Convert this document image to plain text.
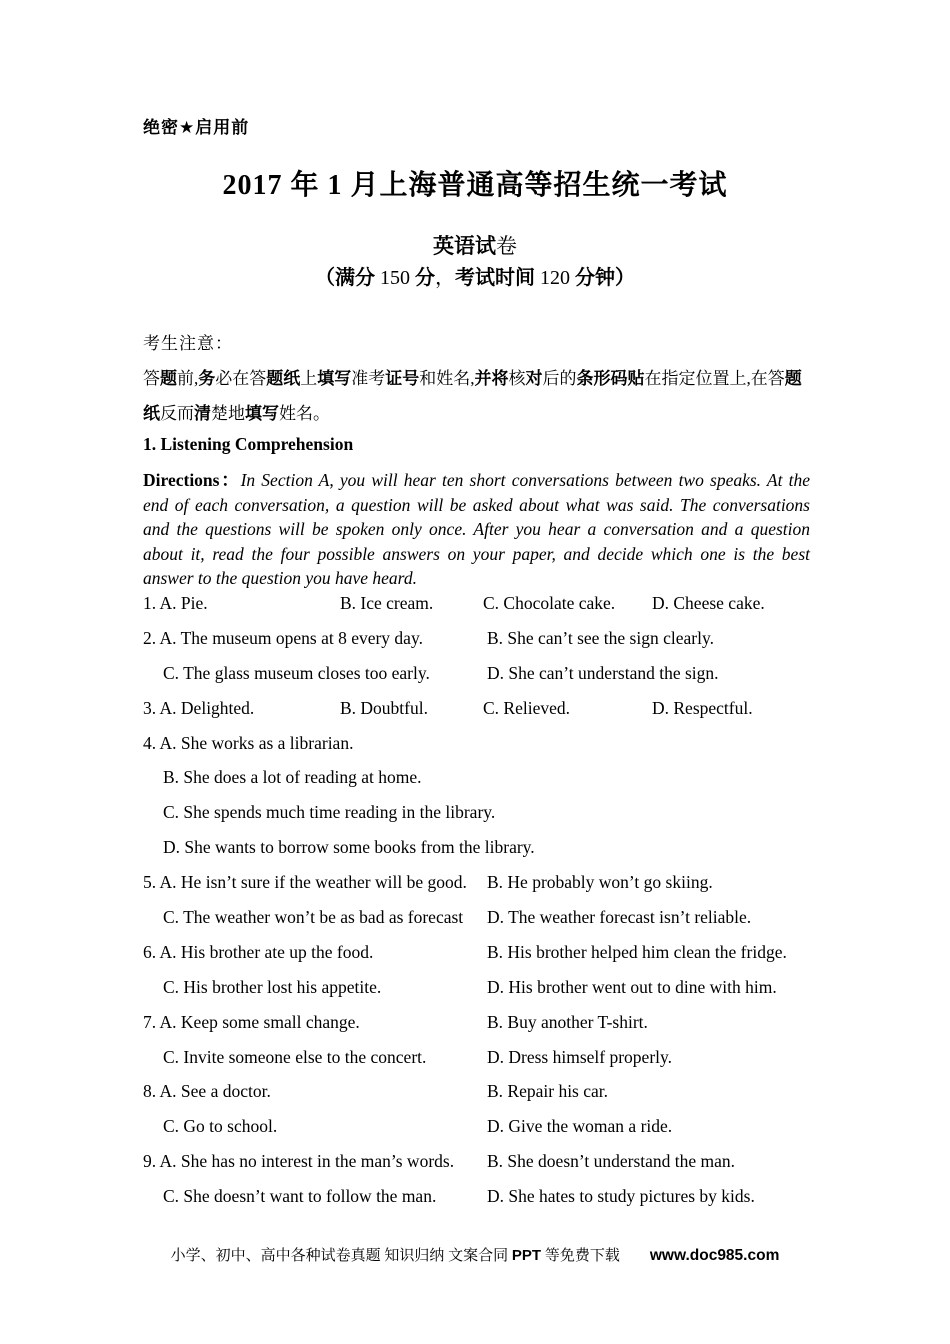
绝密★启用前
2017 年 1 月上海普通高等招生统一考试
英语试卷
（满分 150 分，考试时间 120 分钟）
考生注意：
答题前,务必在答题纸上填写准考证号和姓名,并将核对后的条形码贴在指定位置上,在答题
纸反而清楚地填写姓名。
1. Listening Comprehension
Directions：In Section A, you will hear ten short conversations between two speaks. At the end of each conversation, a question will be asked about what was said. The conversations and the questions will be spoken only once. After you hear a conversation and a question about it, read the four possible answers on your paper, and decide which one is the best answer to the question you have heard.
1. A. Pie.	B. Ice cream.	C. Chocolate cake. D. Cheese cake.
2. A. The museum opens at 8 every day.	B. She can’t see the sign clearly.
C. The glass museum closes too early.	D. She can’t understand the sign.
3. A. Delighted.	B. Doubtful.	C. Relieved.	D. Respectful.
4. A. She works as a librarian.
B. She does a lot of reading at home.
C. She spends much time reading in the library.
D. She wants to borrow some books from the library.
5. A. He isn’t sure if the weather will be good. B. He probably won’t go skiing.
C. The weather won’t be as bad as forecast D. The weather forecast isn’t reliable.
6. A. His brother ate up the food.	B. His brother helped him clean the fridge.
C. His brother lost his appetite.	D. His brother went out to dine with him.
7. A. Keep some small change.	B. Buy another T-shirt.
C. Invite someone else to the concert.	D. Dress himself properly.
8. A. See a doctor.	B. Repair his car.
C. Go to school.	D. Give the woman a ride.
9. A. She has no interest in the man’s words. B. She doesn’t understand the man.
C. She doesn’t want to follow the man.	D. She hates to study pictures by kids.
小学、初中、高中各种试卷真题 知识归纳 文案合同 PPT 等免费下载 www.doc985.com
